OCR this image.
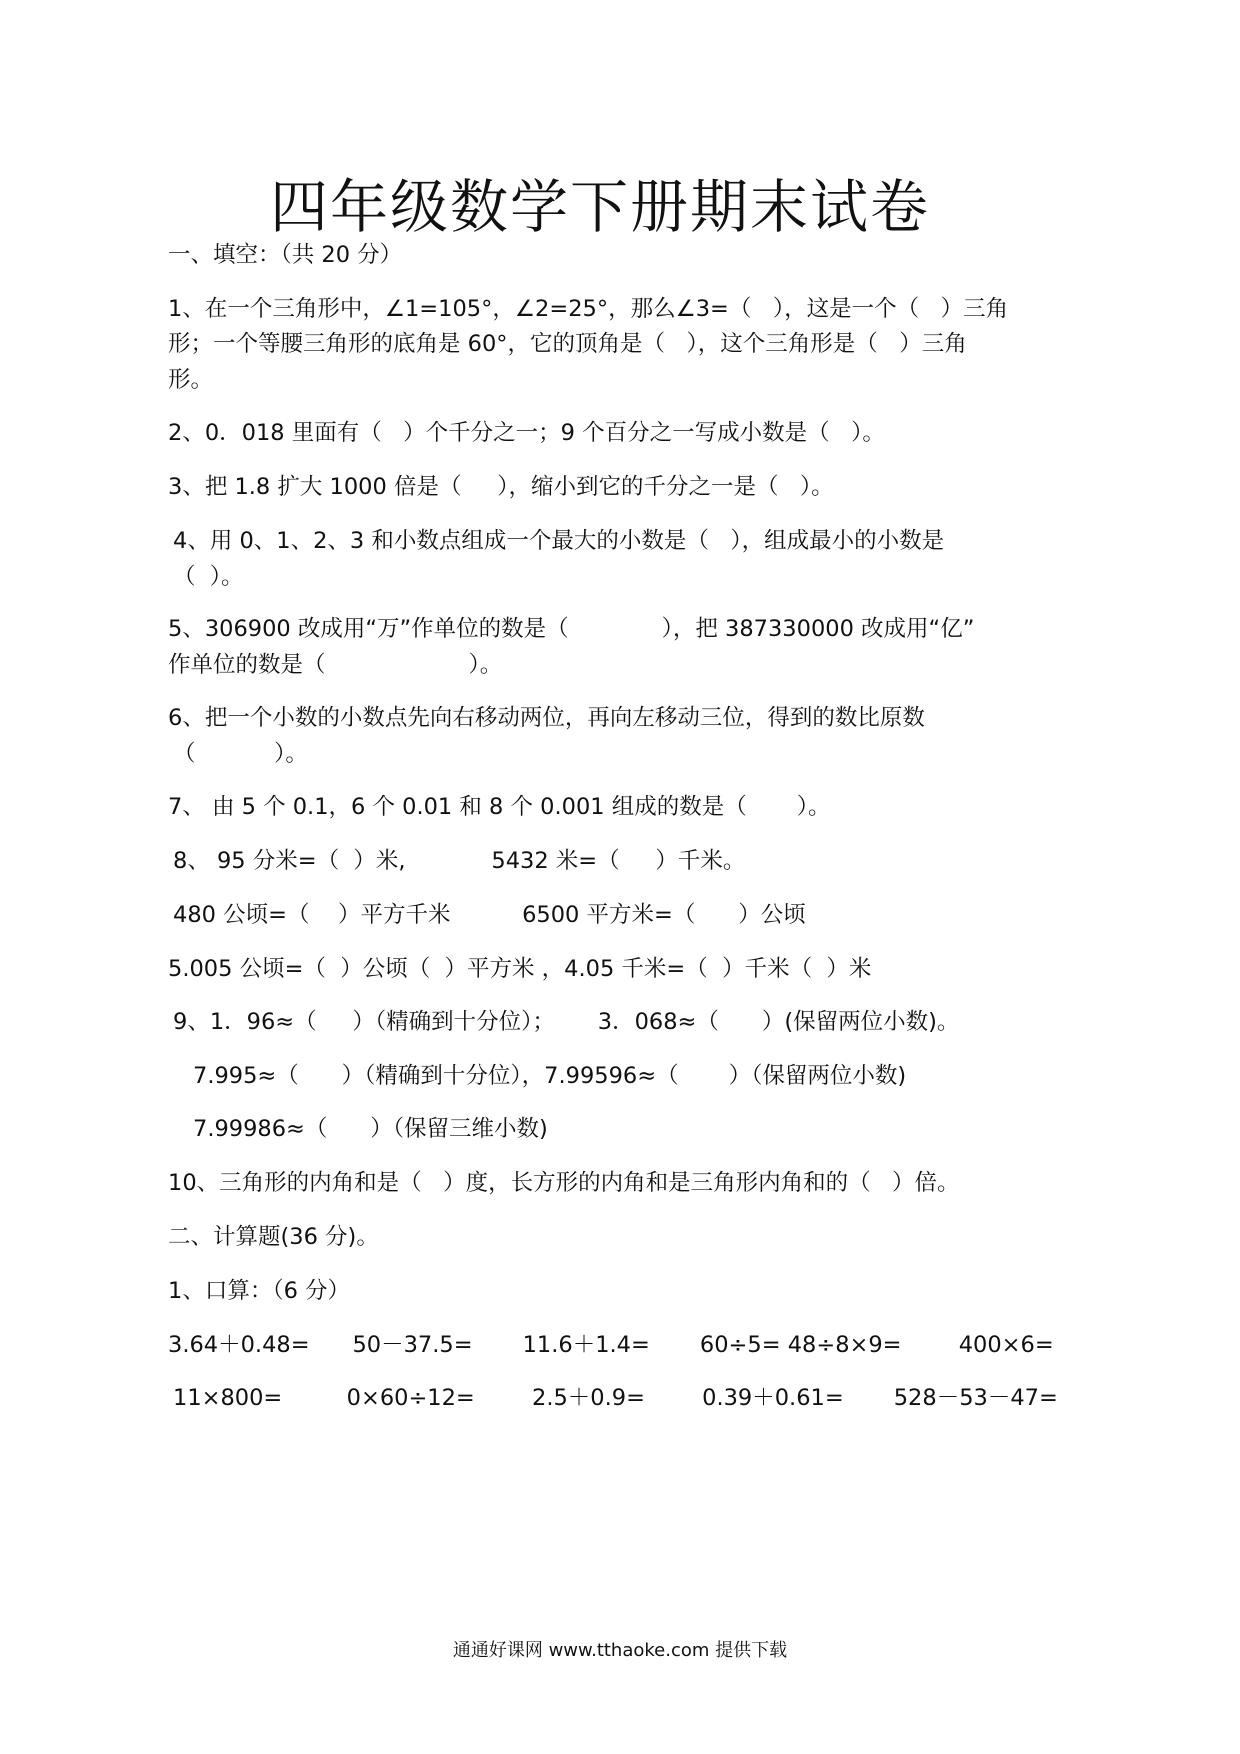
四年级数学下册期末试卷
一、填空：（共 20 分）
1、在一个三角形中，∠1=105°，∠2=25°，那么∠3=（   ），这是一个（   ）三角
形；一个等腰三角形的底角是 60°，它的顶角是（   ），这个三角形是（   ）三角
形。
2、0．018 里面有（   ）个千分之一；9 个百分之一写成小数是（   ）。
3、把 1.8 扩大 1000 倍是（     ），缩小到它的千分之一是（   ）。
4、用 0、1、2、3 和小数点组成一个最大的小数是（   ），组成最小的小数是
（  ）。
5、306900 改成用“万”作单位的数是（             ），把 387330000 改成用“亿”
作单位的数是（                    ）。
6、把一个小数的小数点先向右移动两位，再向左移动三位，得到的数比原数
（           ）。
7、 由 5 个 0.1，6 个 0.01 和 8 个 0.001 组成的数是（       ）。
8、 95 分米=（  ）米,            5432 米=（     ）千米。
480 公顷=（    ）平方千米          6500 平方米=（      ）公顷
5.005 公顷=（  ）公顷（  ）平方米 ，4.05 千米=（  ）千米（  ）米
9、1．96≈（     ）（精确到十分位）；      3．068≈（      ）(保留两位小数)。
7.995≈（      ）（精确到十分位），7.99596≈（       ）（保留两位小数)
7.99986≈（      ）（保留三维小数)
10、三角形的内角和是（   ）度，长方形的内角和是三角形内角和的（   ）倍。
二、计算题(36 分)。
1、口算：（6 分）
3.64＋0.48=      50－37.5=       11.6＋1.4=       60÷5= 48÷8×9=        400×6=
11×800=         0×60÷12=        2.5＋0.9=        0.39＋0.61=       528－53－47=
通通好课网 www.tthaoke.com 提供下载
